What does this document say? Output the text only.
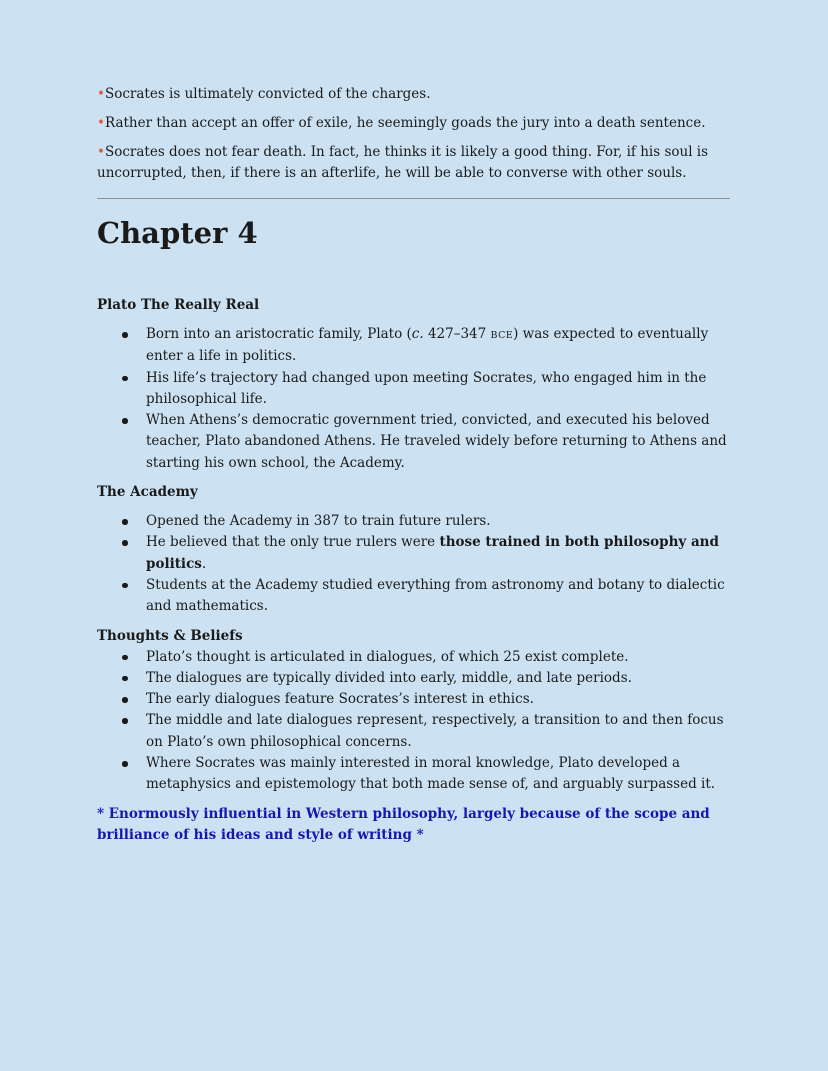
•Socrates is ultimately convicted of the charges.

•Rather than accept an offer of exile, he seemingly goads the jury into a death sentence.

•Socrates does not fear death. In fact, he thinks it is likely a good thing. For, if his soul is uncorrupted, then, if there is an afterlife, he will be able to converse with other souls.

Chapter 4
Plato The Really Real
Born into an aristocratic family, Plato (c. 427–347 BCE) was expected to eventually enter a life in politics.
His life’s trajectory had changed upon meeting Socrates, who engaged him in the philosophical life.
When Athens’s democratic government tried, convicted, and executed his beloved teacher, Plato abandoned Athens. He traveled widely before returning to Athens and starting his own school, the Academy.
The Academy
Opened the Academy in 387 to train future rulers.
He believed that the only true rulers were those trained in both philosophy and politics.
Students at the Academy studied everything from astronomy and botany to dialectic and mathematics.
Thoughts & Beliefs
Plato’s thought is articulated in dialogues, of which 25 exist complete.
The dialogues are typically divided into early, middle, and late periods.
The early dialogues feature Socrates’s interest in ethics.
The middle and late dialogues represent, respectively, a transition to and then focus on Plato’s own philosophical concerns.
Where Socrates was mainly interested in moral knowledge, Plato developed a metaphysics and epistemology that both made sense of, and arguably surpassed it.

* Enormously influential in Western philosophy, largely because of the scope and brilliance of his ideas and style of writing *
